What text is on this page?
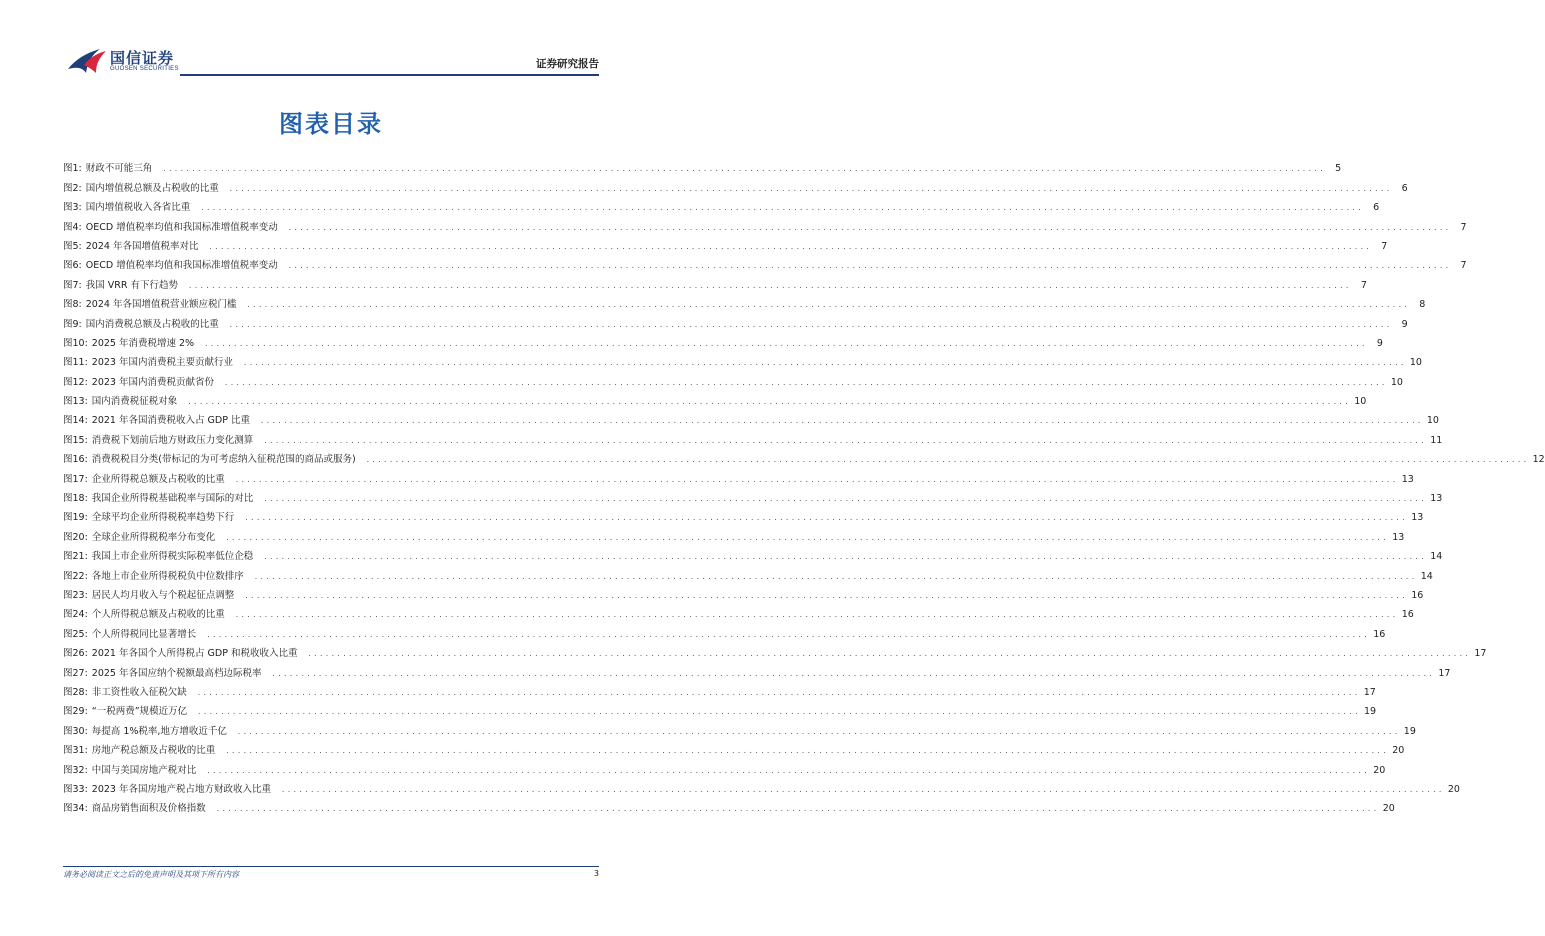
国信证券
GUOSEN SECURITIES	证券研究报告
图表目录
图1: 财政不可能三角 ........................................................................................................................................................................................................	5
图2: 国内增值税总额及占税收的比重 ........................................................................................................................................................................................................	6
图3: 国内增值税收入各省比重 ........................................................................................................................................................................................................	6
图4: OECD 增值税率均值和我国标准增值税率变动 ........................................................................................................................................................................................................	7
图5: 2024 年各国增值税率对比 ........................................................................................................................................................................................................	7
图6: OECD 增值税率均值和我国标准增值税率变动 ........................................................................................................................................................................................................	7
图7: 我国 VRR 有下行趋势 ........................................................................................................................................................................................................	7
图8: 2024 年各国增值税营业额应税门槛 ........................................................................................................................................................................................................	8
图9: 国内消费税总额及占税收的比重 ........................................................................................................................................................................................................	9
图10: 2025 年消费税增速 2% ........................................................................................................................................................................................................	9
图11: 2023 年国内消费税主要贡献行业 ........................................................................................................................................................................................................ 10
图12: 2023 年国内消费税贡献省份 ........................................................................................................................................................................................................ 10
图13: 国内消费税征税对象 ........................................................................................................................................................................................................ 10
图14: 2021 年各国消费税收入占 GDP 比重 ........................................................................................................................................................................................................ 10
图15: 消费税下划前后地方财政压力变化测算 ........................................................................................................................................................................................................ 11
图16: 消费税税目分类(带标记的为可考虑纳入征税范围的商品或服务) ........................................................................................................................................................................................................ 12
图17: 企业所得税总额及占税收的比重 ........................................................................................................................................................................................................ 13
图18: 我国企业所得税基础税率与国际的对比 ........................................................................................................................................................................................................ 13
图19: 全球平均企业所得税税率趋势下行 ........................................................................................................................................................................................................ 13
图20: 全球企业所得税税率分布变化 ........................................................................................................................................................................................................ 13
图21: 我国上市企业所得税实际税率低位企稳 ........................................................................................................................................................................................................ 14
图22: 各地上市企业所得税税负中位数排序 ........................................................................................................................................................................................................ 14
图23: 居民人均月收入与个税起征点调整 ........................................................................................................................................................................................................ 16
图24: 个人所得税总额及占税收的比重 ........................................................................................................................................................................................................ 16
图25: 个人所得税同比显著增长 ........................................................................................................................................................................................................ 16
图26: 2021 年各国个人所得税占 GDP 和税收收入比重 ........................................................................................................................................................................................................ 17
图27: 2025 年各国应纳个税额最高档边际税率 ........................................................................................................................................................................................................ 17
图28: 非工资性收入征税欠缺 ........................................................................................................................................................................................................ 17
图29: “一税两费”规模近万亿 ........................................................................................................................................................................................................ 19
图30: 每提高 1%税率,地方增收近千亿 ........................................................................................................................................................................................................ 19
图31: 房地产税总额及占税收的比重 ........................................................................................................................................................................................................ 20
图32: 中国与美国房地产税对比 ........................................................................................................................................................................................................ 20
图33: 2023 年各国房地产税占地方财政收入比重 ........................................................................................................................................................................................................ 20
图34: 商品房销售面积及价格指数 ........................................................................................................................................................................................................ 20
请务必阅读正文之后的免责声明及其项下所有内容	3
